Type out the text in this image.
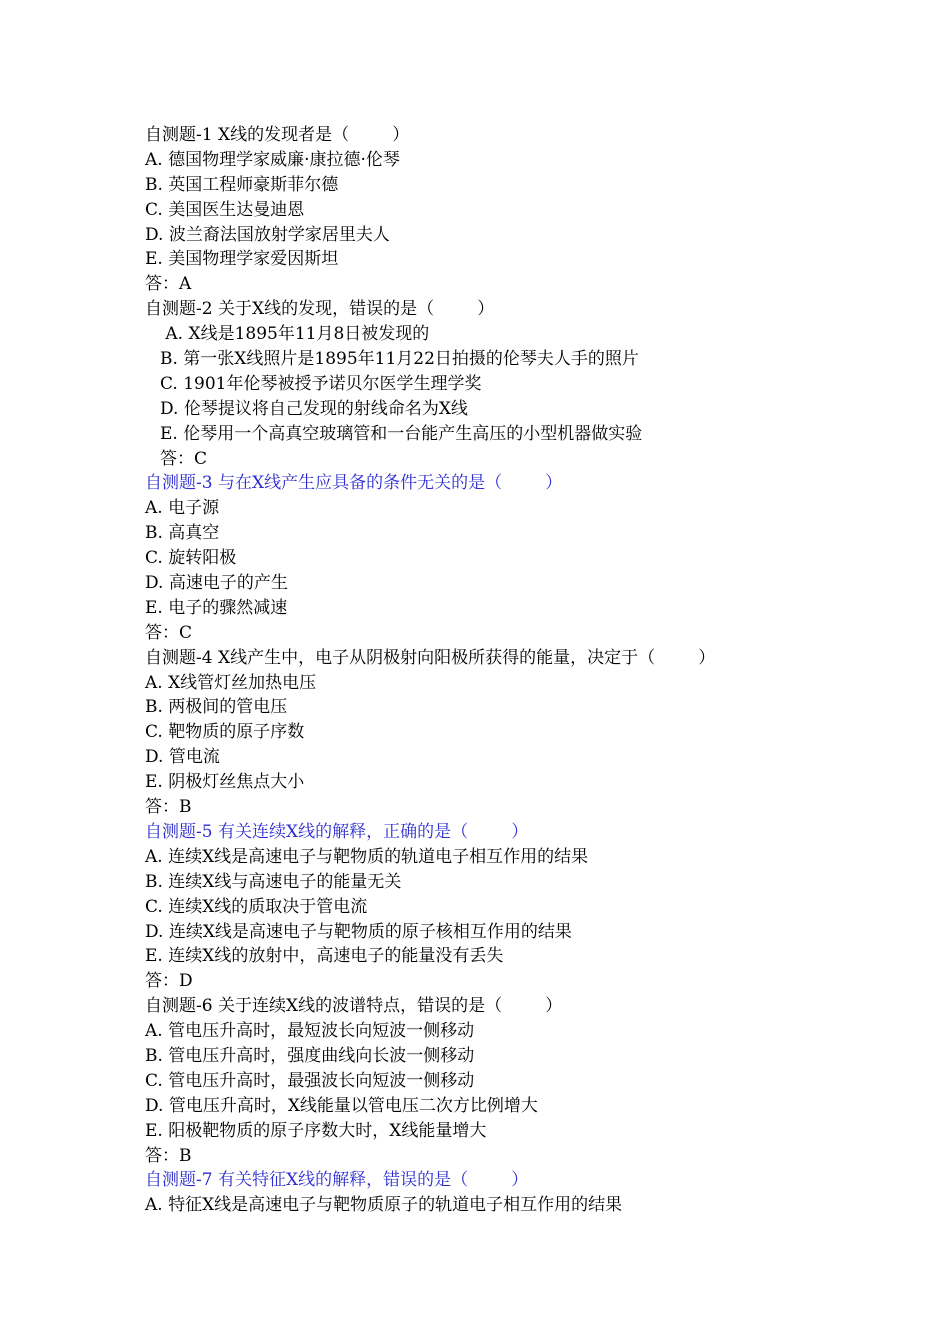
自测题-1 X线的发现者是（        ）
A. 德国物理学家威廉·康拉德·伦琴
B. 英国工程师豪斯菲尔德
C. 美国医生达曼迪恩
D. 波兰裔法国放射学家居里夫人
E. 美国物理学家爱因斯坦
答：A
自测题-2 关于X线的发现，错误的是（        ）
A. X线是1895年11月8日被发现的
B. 第一张X线照片是1895年11月22日拍摄的伦琴夫人手的照片
C. 1901年伦琴被授予诺贝尔医学生理学奖
D. 伦琴提议将自己发现的射线命名为X线
E. 伦琴用一个高真空玻璃管和一台能产生高压的小型机器做实验
答：C
自测题-3 与在X线产生应具备的条件无关的是（        ）
A. 电子源
B. 高真空
C. 旋转阳极
D. 高速电子的产生
E. 电子的骤然减速
答：C
自测题-4 X线产生中，电子从阴极射向阳极所获得的能量，决定于（        ）
A. X线管灯丝加热电压
B. 两极间的管电压
C. 靶物质的原子序数
D. 管电流
E. 阴极灯丝焦点大小
答：B
自测题-5 有关连续X线的解释，正确的是（        ）
A. 连续X线是高速电子与靶物质的轨道电子相互作用的结果
B. 连续X线与高速电子的能量无关
C. 连续X线的质取决于管电流
D. 连续X线是高速电子与靶物质的原子核相互作用的结果
E. 连续X线的放射中，高速电子的能量没有丢失
答：D
自测题-6 关于连续X线的波谱特点，错误的是（        ）
A. 管电压升高时，最短波长向短波一侧移动
B. 管电压升高时，强度曲线向长波一侧移动
C. 管电压升高时，最强波长向短波一侧移动
D. 管电压升高时，X线能量以管电压二次方比例增大
E. 阳极靶物质的原子序数大时，X线能量增大
答：B
自测题-7 有关特征X线的解释，错误的是（        ）
A. 特征X线是高速电子与靶物质原子的轨道电子相互作用的结果
